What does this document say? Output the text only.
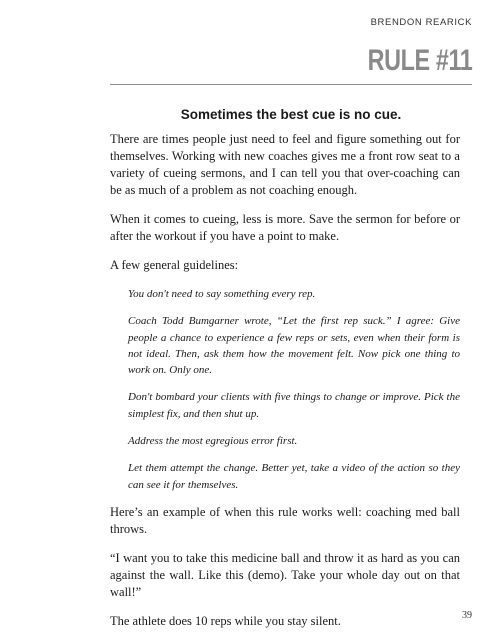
BRENDON REARICK
RULE #11
Sometimes the best cue is no cue.

There are times people just need to feel and figure something out for themselves. Working with new coaches gives me a front row seat to a variety of cueing sermons, and I can tell you that over-coaching can be as much of a problem as not coaching enough.

When it comes to cueing, less is more. Save the sermon for before or after the workout if you have a point to make.

A few general guidelines:

You don't need to say something every rep.

Coach Todd Bumgarner wrote, “Let the first rep suck.” I agree: Give people a chance to experience a few reps or sets, even when their form is not ideal. Then, ask them how the movement felt. Now pick one thing to work on. Only one.

Don't bombard your clients with five things to change or improve. Pick the simplest fix, and then shut up.

Address the most egregious error first.

Let them attempt the change. Better yet, take a video of the action so they can see it for themselves.

Here’s an example of when this rule works well: coaching med ball throws.

“I want you to take this medicine ball and throw it as hard as you can against the wall. Like this (demo). Take your whole day out on that wall!”

The athlete does 10 reps while you stay silent.	39
